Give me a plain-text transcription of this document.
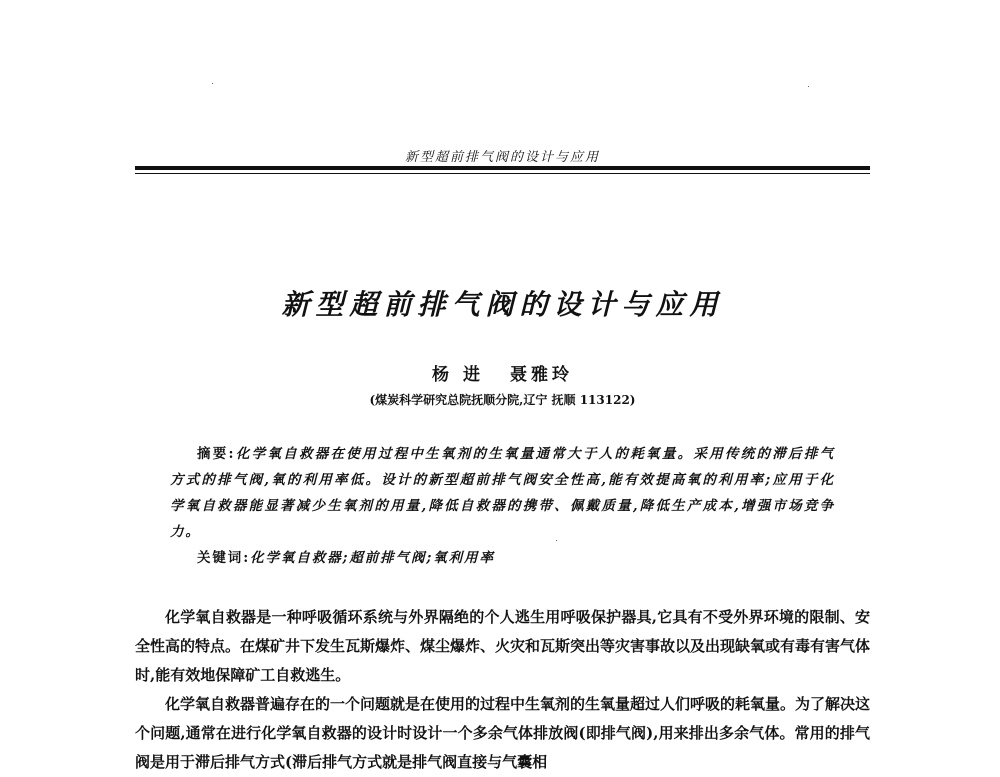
新型超前排气阀的设计与应用
新型超前排气阀的设计与应用
杨 进 聂雅玲
(煤炭科学研究总院抚顺分院,辽宁 抚顺 113122)

摘要:化学氧自救器在使用过程中生氧剂的生氧量通常大于人的耗氧量。采用传统的滞后排气方式的排气阀,氧的利用率低。设计的新型超前排气阀安全性高,能有效提高氧的利用率;应用于化学氧自救器能显著减少生氧剂的用量,降低自救器的携带、佩戴质量,降低生产成本,增强市场竞争力。

关键词:化学氧自救器;超前排气阀;氧利用率

化学氧自救器是一种呼吸循环系统与外界隔绝的个人逃生用呼吸保护器具,它具有不受外界环境的限制、安全性高的特点。在煤矿井下发生瓦斯爆炸、煤尘爆炸、火灾和瓦斯突出等灾害事故以及出现缺氧或有毒有害气体时,能有效地保障矿工自救逃生。

化学氧自救器普遍存在的一个问题就是在使用的过程中生氧剂的生氧量超过人们呼吸的耗氧量。为了解决这个问题,通常在进行化学氧自救器的设计时设计一个多余气体排放阀(即排气阀),用来排出多余气体。常用的排气阀是用于滞后排气方式(滞后排气方式就是排气阀直接与气囊相
